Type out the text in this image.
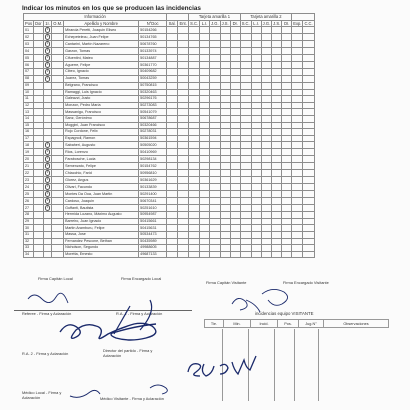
Indicar los minutos en los que se producen las incidencias
Información								Tarjeta amarilla 1					Tarjeta amarilla 2						
Pos	Dor	1I.	O.M.	Apellido y Nombre	N°Doc	Sal.	Ent.	S.C.	L.I.	J.G.	J.S.	DI.	S.C.	L.I.	J.G.	J.S.	DI.	Exp.	C.C.
01		1		Miranda Peretti, Joaquin Eliseo	50154266														
02		1		Echepetelecu, Juan Felipe	50134765														
03		1		Cantarini, Martín Nazareno	50678760														
04		1		Garzon, Tomas	50133974														
05		1		Cifuentini, Mateo	50134887														
06		1		Aguerre, Felipe	50361770														
07		1		Cibeo, Ignacio	50409682														
08		1		Juarez, Tomas	50043259														
09				Belgrano, Francisco	50750815														
10				Ramaggi, Luis Ignacio	50320463														
11				Galeazzi, Justo	50296176														
12				Monzon, Pedro María	50273083														
13				Massanigu, Francisco	50541079														
14				Sanz, Gerónimo	50678687														
15				Moggini, Juan Francisco	50320466														
16				Rojo Cordone, Felix	50278031														
17				Espagnoli, Ramon	50361594														
18		1		Sabaheri, Augusto	50505020														
19		1		Rios, Lorenzo	50410969														
20		1		Farabosche, Lucia	50298134														
21		1		Semenzato, Felipe	50154762														
22		1		Chiacchio, Farid	50956810														
23		1		Glorez, Angus	50361629														
24		1		Olivari, Facundo	50133839														
25		1		Montes Da Ooa, Juan Martin	50291400														
26		1		Cardoso, Joaquin	50670341														
27		1		Guffanti, Bautista	50251610														
28				Hermida Lozano, Máximo Augusto	50954987														
29				Barreiro, Juan Ignacio	50415661														
30				Martin Aramburu, Felipe	50415631														
31				Massa, Jose	50534473														
32				Fernandez Pescone, Bethan	50435989														
33				Nicholson, Segundo	49988605														
34				Moretta, Ernesto	49687133														
Firma Capitán Local	Firma Encargado Local
Firma Capitán Visitante	Firma Encargado Visitante
Referee - Firma y Aclaración	R.A. 1 - Firma y Aclaración
R.A. 2 - Firma y Aclaración
Director del partido - Firma y Aclaración
Médico Local - Firma y Aclaración	Médico Visitante - Firma y Aclaración
incidencias equipo VISITANTE
Tie.	Min.	Incid.	Pos.	Jug.N°	Observaciones
